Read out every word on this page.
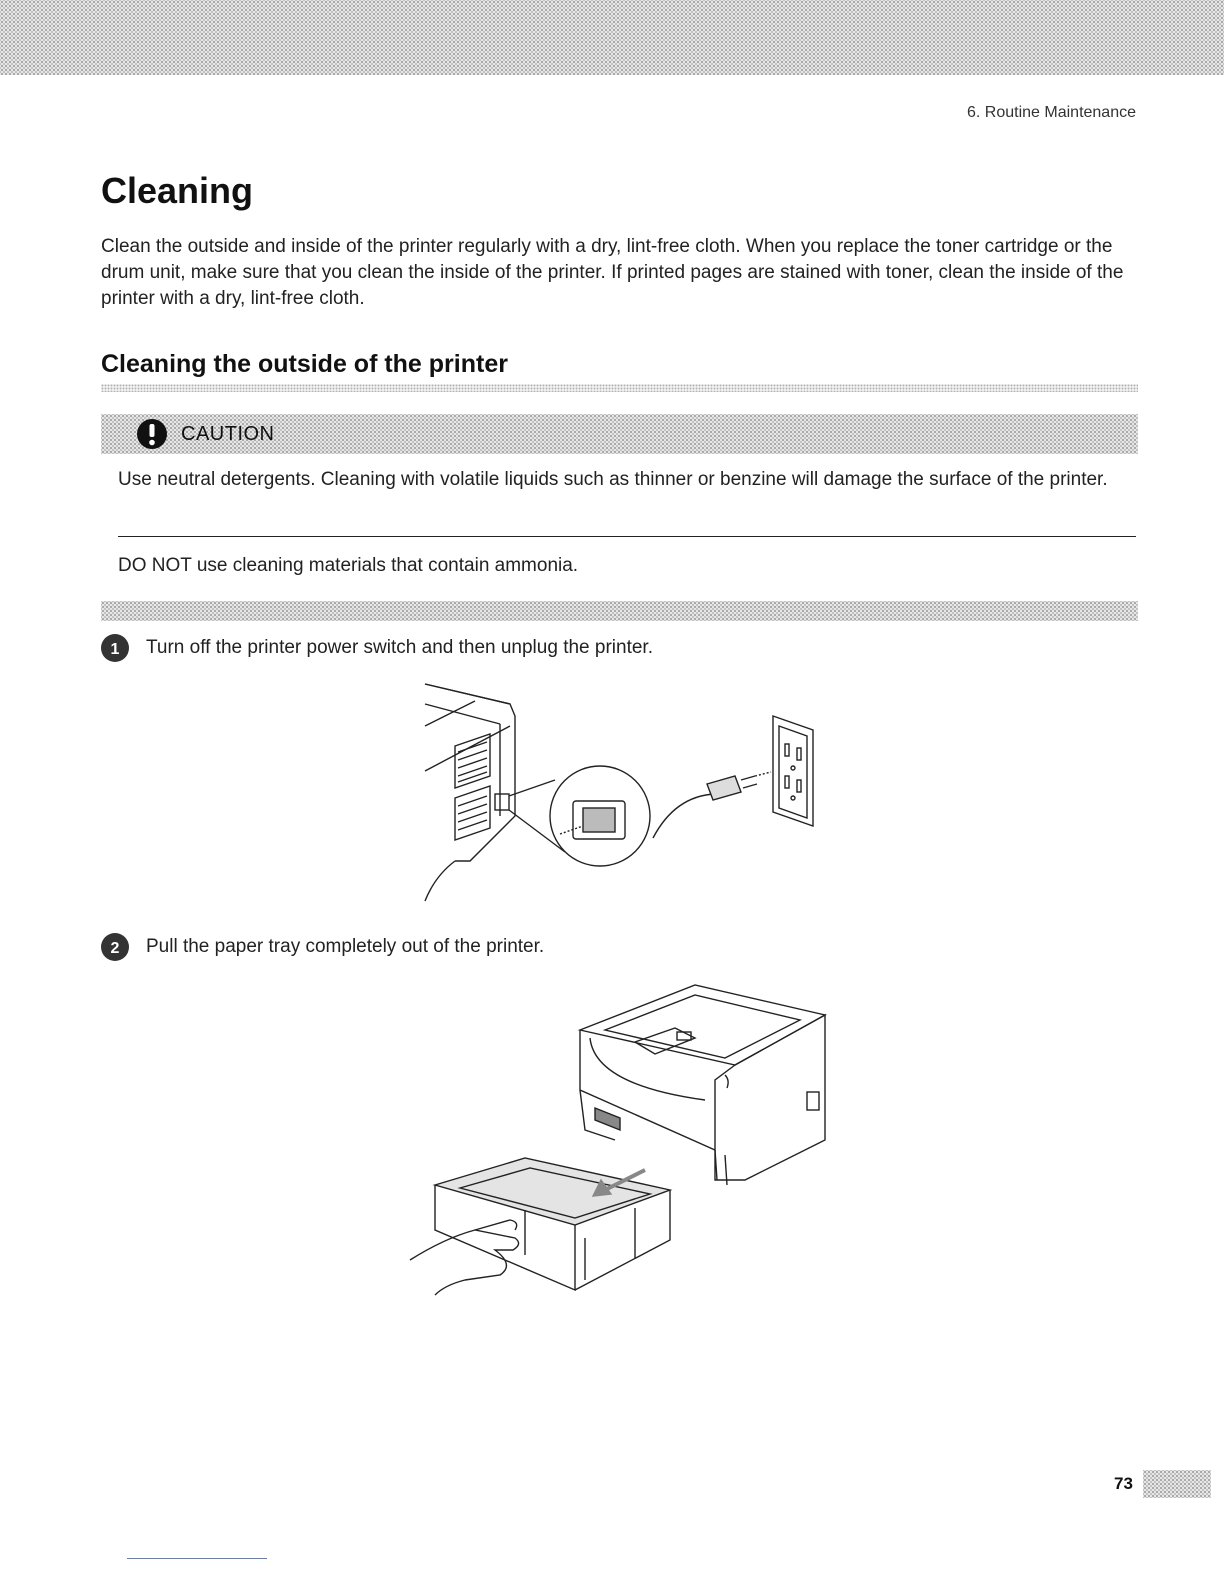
6. Routine Maintenance
Cleaning

Clean the outside and inside of the printer regularly with a dry, lint-free cloth. When you replace the toner cartridge or the drum unit, make sure that you clean the inside of the printer. If printed pages are stained with toner, clean the inside of the printer with a dry, lint-free cloth.

Cleaning the outside of the printer
CAUTION

Use neutral detergents. Cleaning with volatile liquids such as thinner or benzine will damage the surface of the printer.

DO NOT use cleaning materials that contain ammonia.

1 Turn off the printer power switch and then unplug the printer.
2 Pull the paper tray completely out of the printer.
73
